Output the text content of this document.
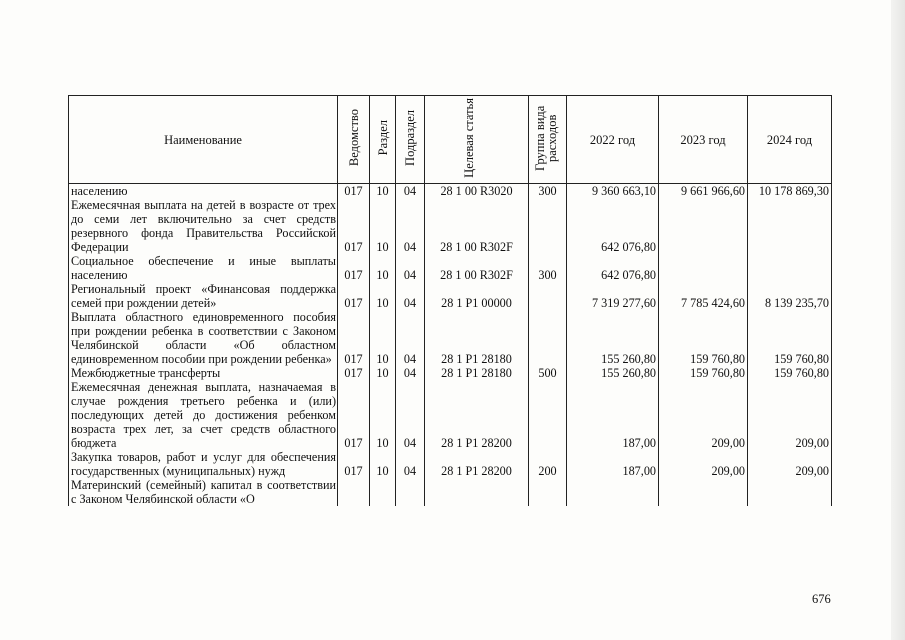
Наименование	Ведомство	Раздел	Подраздел	Целевая статья	Группа вида расходов	2022 год	2023 год	2024 год
населению	017	10	04	28 1 00 R3020	300	9 360 663,10	9 661 966,60	10 178 869,30
Ежемесячная выплата на детей в возрасте от трех до семи лет включительно за счет средств резервного фонда Правительства Российской Федерации	017	10	04	28 1 00 R302F		642 076,80		
Социальное обеспечение и иные выплаты населению	017	10	04	28 1 00 R302F	300	642 076,80		
Региональный проект «Финансовая поддержка семей при рождении детей»	017	10	04	28 1 P1 00000		7 319 277,60	7 785 424,60	8 139 235,70
Выплата областного единовременного пособия при рождении ребенка в соответствии с Законом Челябинской области «Об областном единовременном пособии при рождении ребенка»	017	10	04	28 1 P1 28180		155 260,80	159 760,80	159 760,80
Межбюджетные трансферты	017	10	04	28 1 P1 28180	500	155 260,80	159 760,80	159 760,80
Ежемесячная денежная выплата, назначаемая в случае рождения третьего ребенка и (или) последующих детей до достижения ребенком возраста трех лет, за счет средств областного бюджета	017	10	04	28 1 P1 28200		187,00	209,00	209,00
Закупка товаров, работ и услуг для обеспечения государственных (муниципальных) нужд	017	10	04	28 1 P1 28200	200	187,00	209,00	209,00
Материнский (семейный) капитал в соответствии с Законом Челябинской области «О								
676
